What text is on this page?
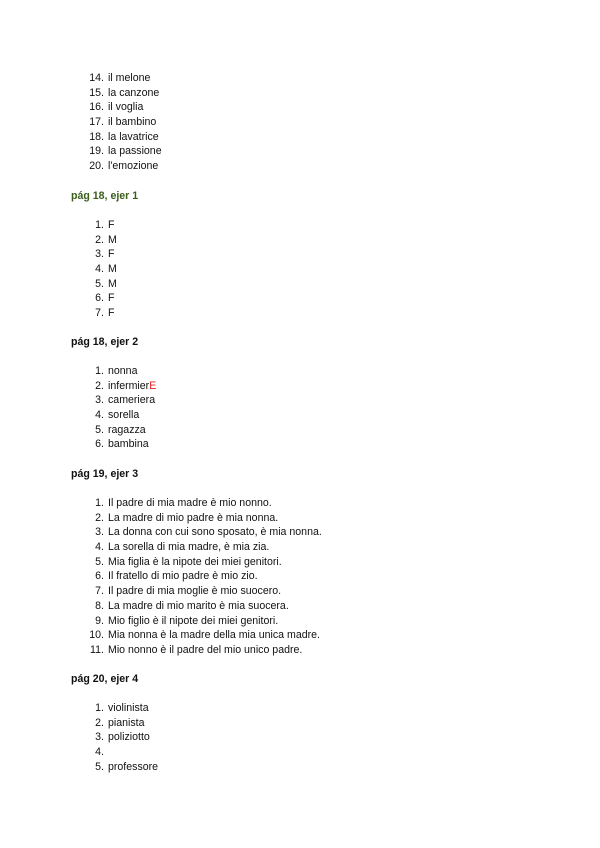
14. il melone
15. la canzone
16. il voglia
17. il bambino
18. la lavatrice
19. la passione
20. l'emozione
pág 18, ejer 1
1. F
2. M
3. F
4. M
5. M
6. F
7. F
pág 18, ejer 2
1. nonna
2. infermierE
3. cameriera
4. sorella
5. ragazza
6. bambina
pág 19, ejer 3
1. Il padre di mia madre è mio nonno.
2. La madre di mio padre è mia nonna.
3. La donna con cui sono sposato, è mia nonna.
4. La sorella di mia madre, è mia zia.
5. Mia figlia è la nipote dei miei genitori.
6. Il fratello di mio padre è mio zio.
7. Il padre di mia moglie è mio suocero.
8. La madre di mio marito è mia suocera.
9. Mio figlio è il nipote dei miei genitori.
10. Mia nonna è la madre della mia unica madre.
11. Mio nonno è il padre del mio unico padre.
pág 20, ejer 4
1. violinista
2. pianista
3. poliziotto
4.
5. professore
